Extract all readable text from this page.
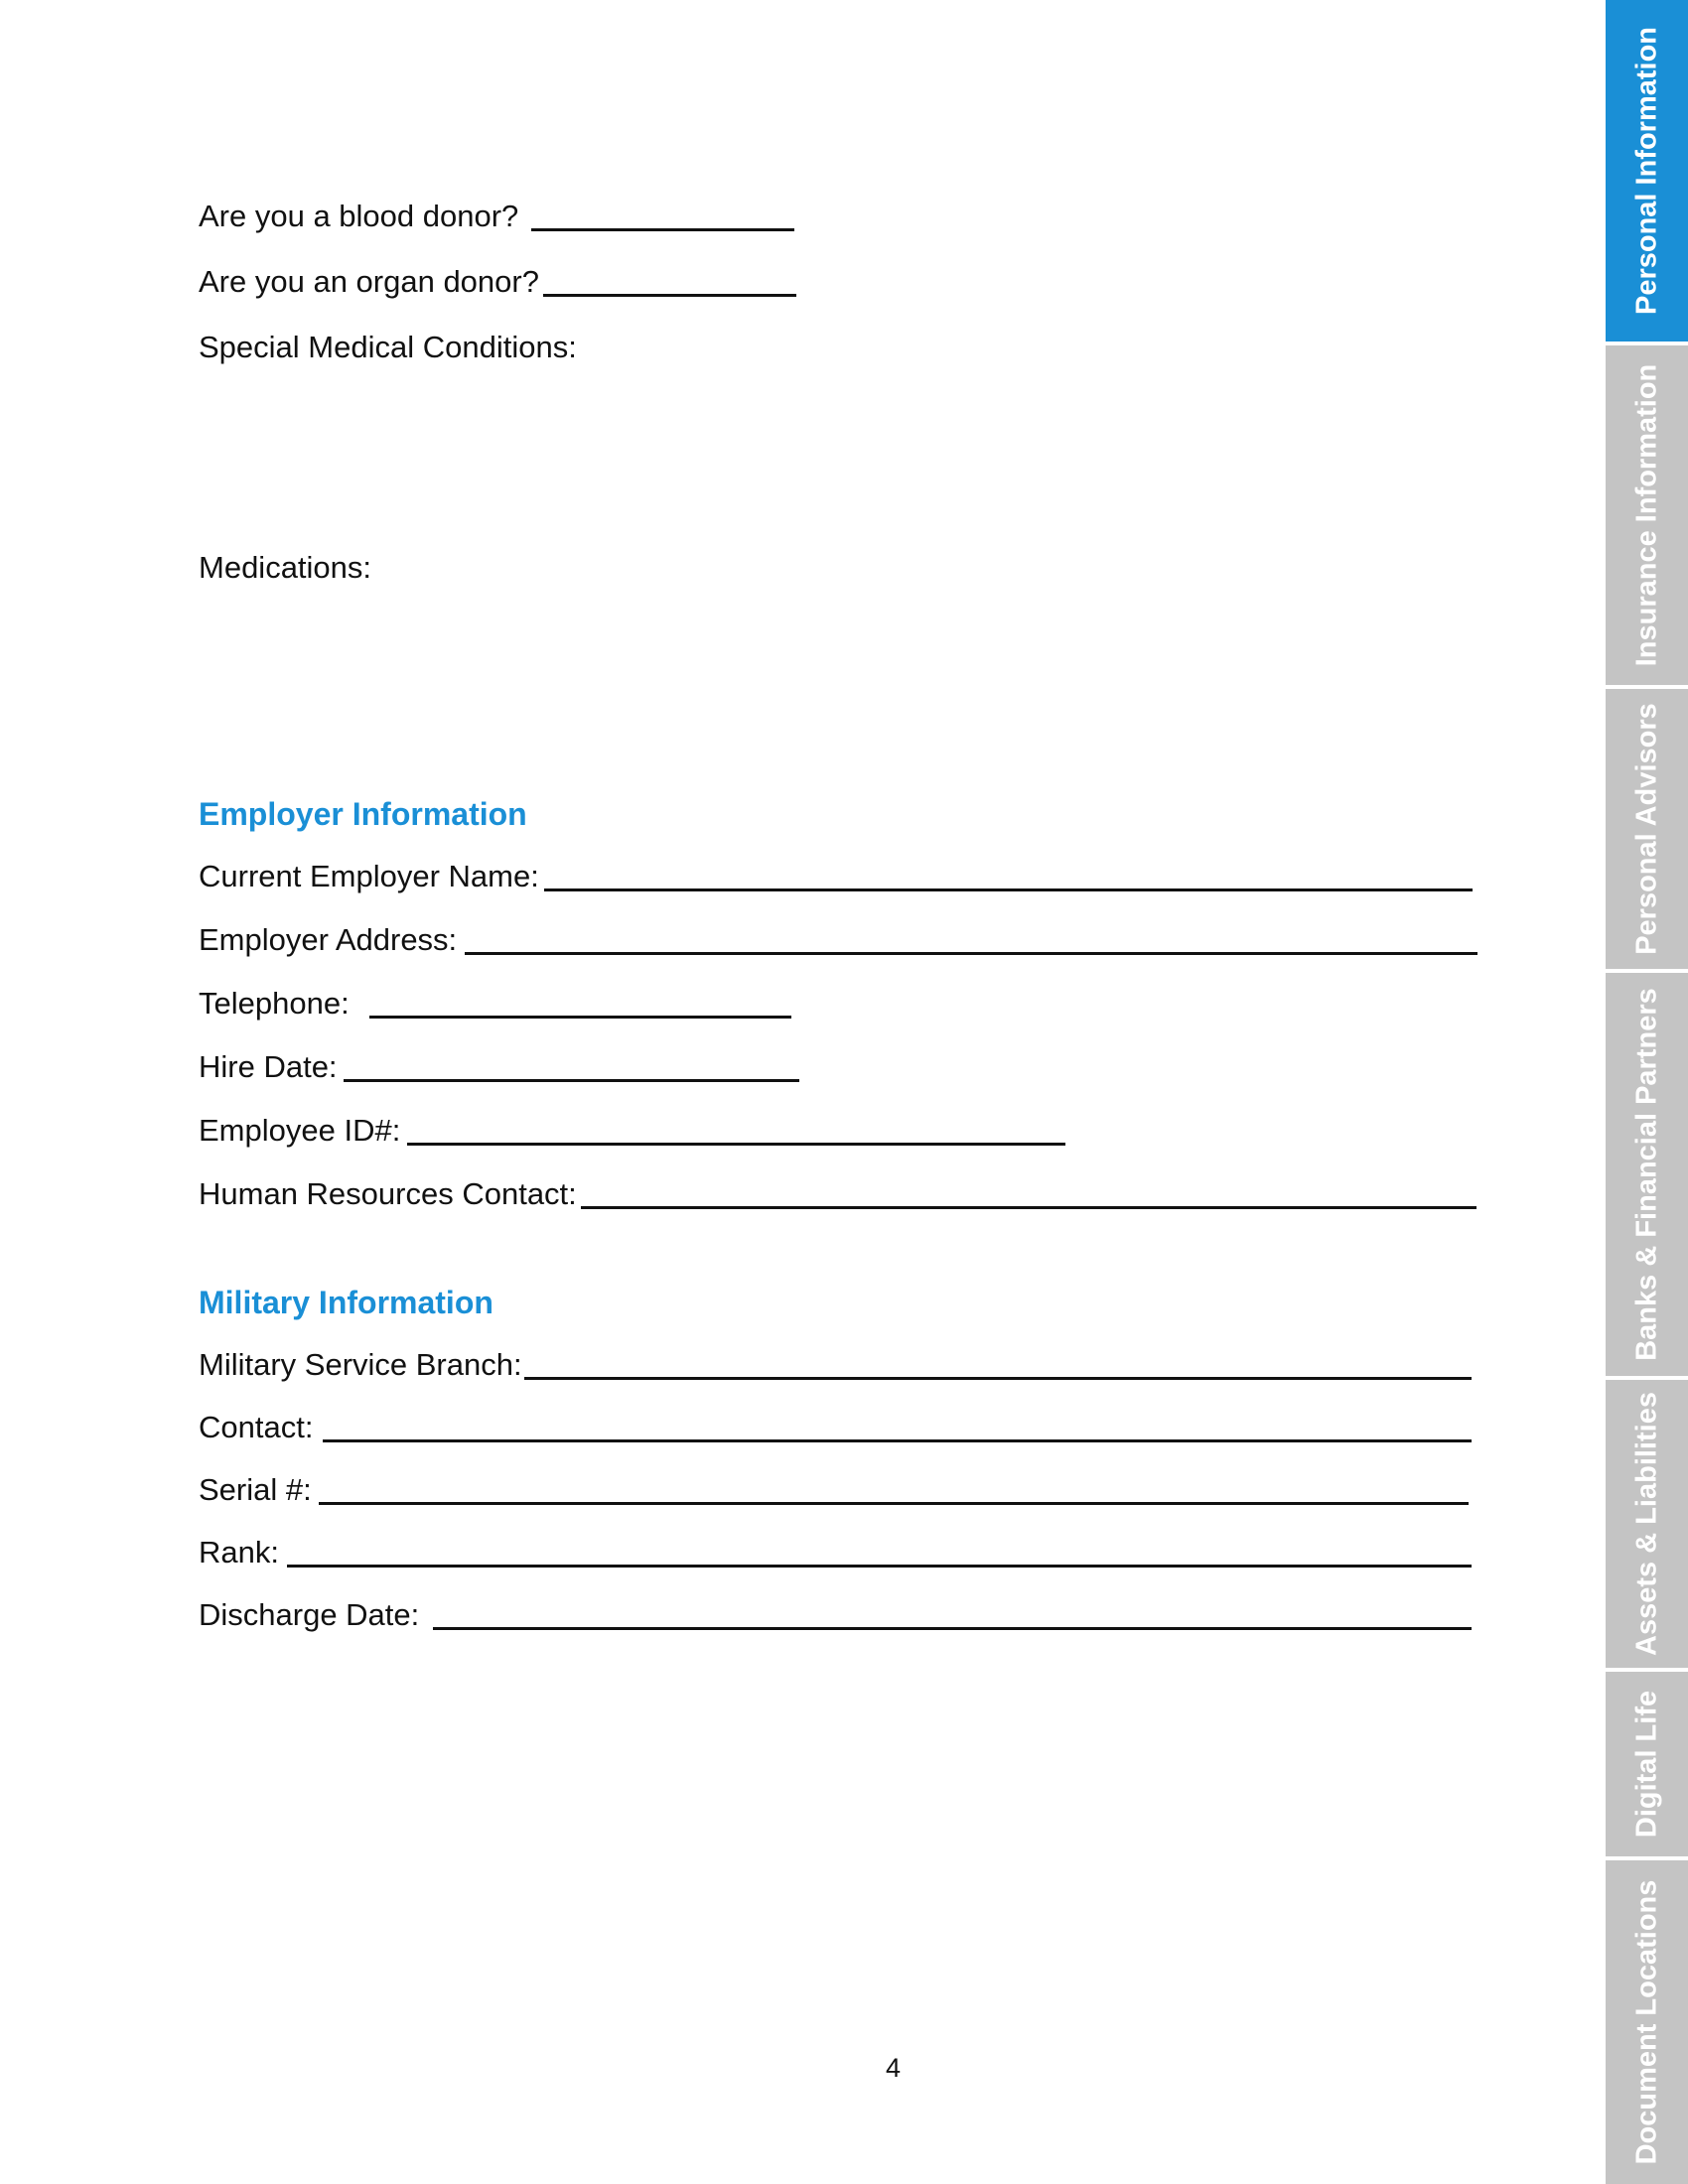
Are you a blood donor?
Are you an organ donor?
Special Medical Conditions:
Medications:
Employer Information
Current Employer Name:
Employer Address:
Telephone:
Hire Date:
Employee ID#:
Human Resources Contact:
Military Information
Military Service Branch:
Contact:
Serial #:
Rank:
Discharge Date:
4
Personal Information
Insurance Information
Personal Advisors
Banks & Financial Partners
Assets & Liabilities
Digital Life
Document Locations
